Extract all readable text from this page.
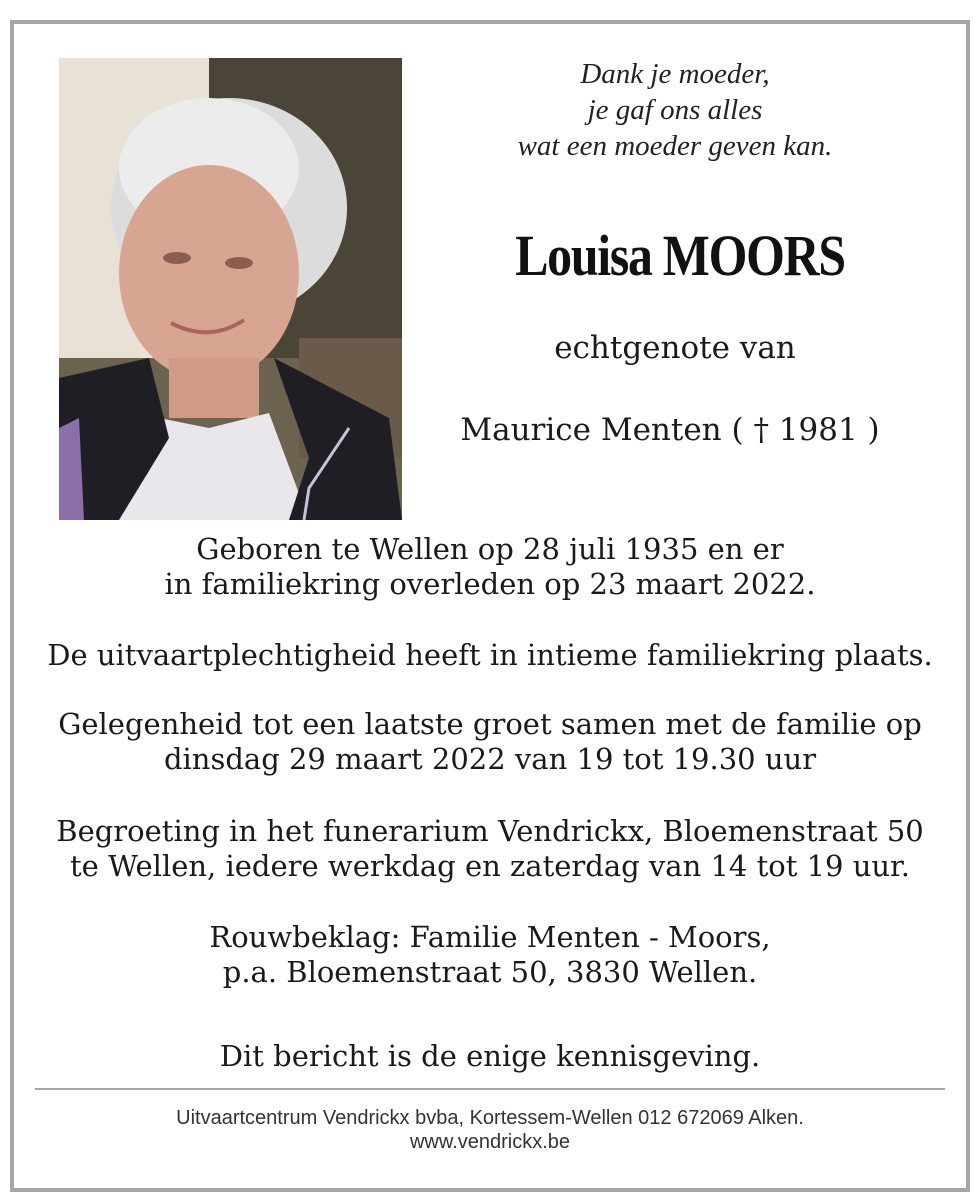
Dank je moeder,
je gaf ons alles
wat een moeder geven kan.
Louisa MOORS
echtgenote van
Maurice Menten ( † 1981 )
Geboren te Wellen op 28 juli 1935 en er
in familiekring overleden op 23 maart 2022.
De uitvaartplechtigheid heeft in intieme familiekring plaats.
Gelegenheid tot een laatste groet samen met de familie op
dinsdag 29 maart 2022 van 19 tot 19.30 uur
Begroeting in het funerarium Vendrickx, Bloemenstraat 50
te Wellen, iedere werkdag en zaterdag van 14 tot 19 uur.
Rouwbeklag: Familie Menten - Moors,
p.a. Bloemenstraat 50, 3830 Wellen.
Dit bericht is de enige kennisgeving.
Uitvaartcentrum Vendrickx bvba, Kortessem-Wellen 012 672069 Alken.
www.vendrickx.be
